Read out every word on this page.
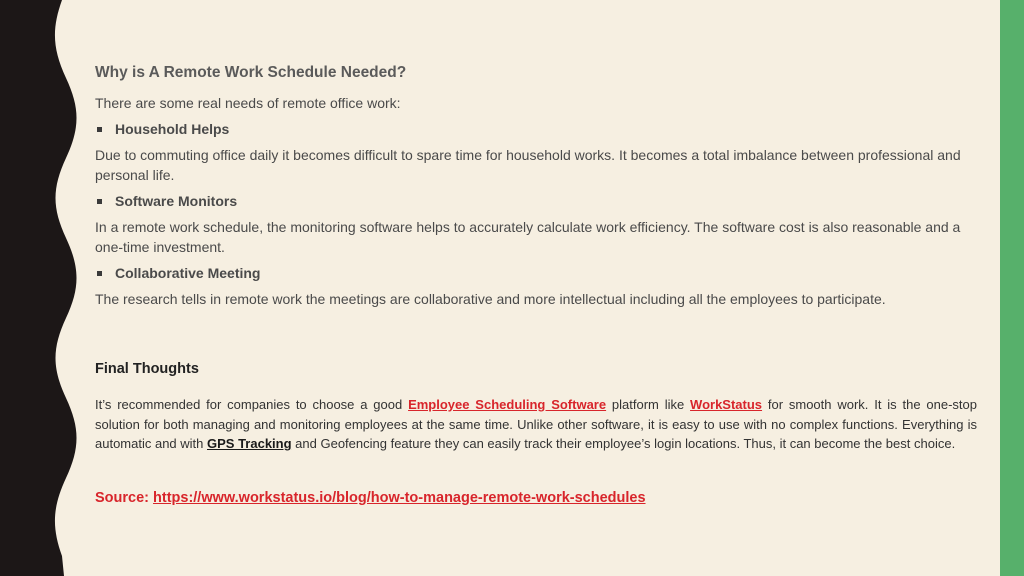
Why is A Remote Work Schedule Needed?
There are some real needs of remote office work:
Household Helps
Due to commuting office daily it becomes difficult to spare time for household works. It becomes a total imbalance between professional and personal life.
Software Monitors
In a remote work schedule, the monitoring software helps to accurately calculate work efficiency. The software cost is also reasonable and a one-time investment.
Collaborative Meeting
The research tells in remote work the meetings are collaborative and more intellectual including all the employees to participate.
Final Thoughts
It’s recommended for companies to choose a good Employee Scheduling Software platform like WorkStatus for smooth work. It is the one-stop solution for both managing and monitoring employees at the same time. Unlike other software, it is easy to use with no complex functions. Everything is automatic and with GPS Tracking and Geofencing feature they can easily track their employee’s login locations. Thus, it can become the best choice.
Source: https://www.workstatus.io/blog/how-to-manage-remote-work-schedules
